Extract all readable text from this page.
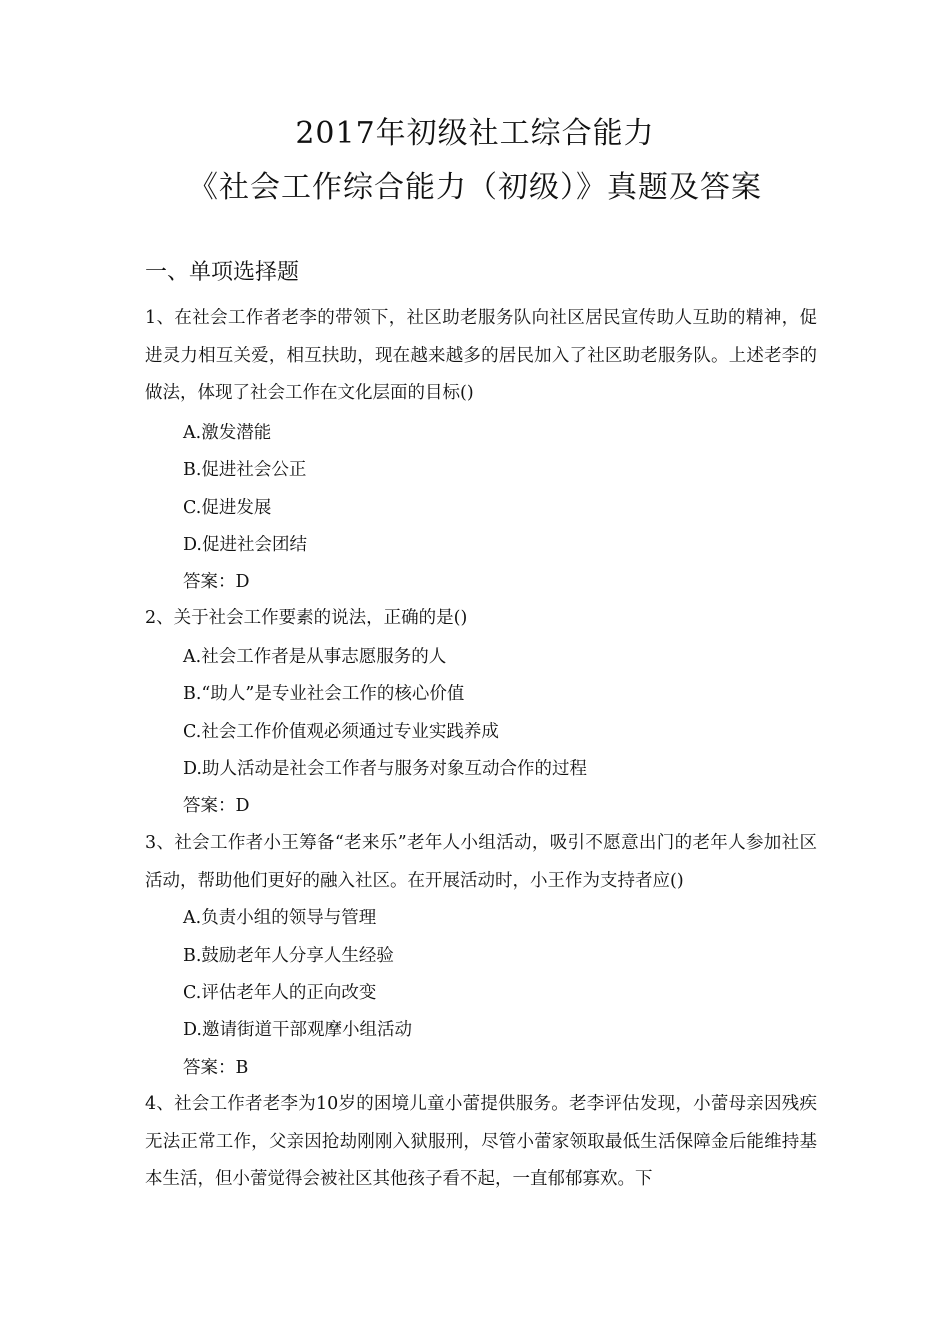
2017年初级社工综合能力
《社会工作综合能力（初级）》真题及答案
一、单项选择题
1、在社会工作者老李的带领下，社区助老服务队向社区居民宣传助人互助的精神，促进灵力相互关爱，相互扶助，现在越来越多的居民加入了社区助老服务队。上述老李的做法，体现了社会工作在文化层面的目标()
A.激发潜能
B.促进社会公正
C.促进发展
D.促进社会团结
答案：D
2、关于社会工作要素的说法，正确的是()
A.社会工作者是从事志愿服务的人
B.“助人”是专业社会工作的核心价值
C.社会工作价值观必须通过专业实践养成
D.助人活动是社会工作者与服务对象互动合作的过程
答案：D
3、社会工作者小王筹备“老来乐”老年人小组活动，吸引不愿意出门的老年人参加社区活动，帮助他们更好的融入社区。在开展活动时，小王作为支持者应()
A.负责小组的领导与管理
B.鼓励老年人分享人生经验
C.评估老年人的正向改变
D.邀请街道干部观摩小组活动
答案：B
4、社会工作者老李为10岁的困境儿童小蕾提供服务。老李评估发现，小蕾母亲因残疾无法正常工作，父亲因抢劫刚刚入狱服刑，尽管小蕾家领取最低生活保障金后能维持基本生活，但小蕾觉得会被社区其他孩子看不起，一直郁郁寡欢。下
